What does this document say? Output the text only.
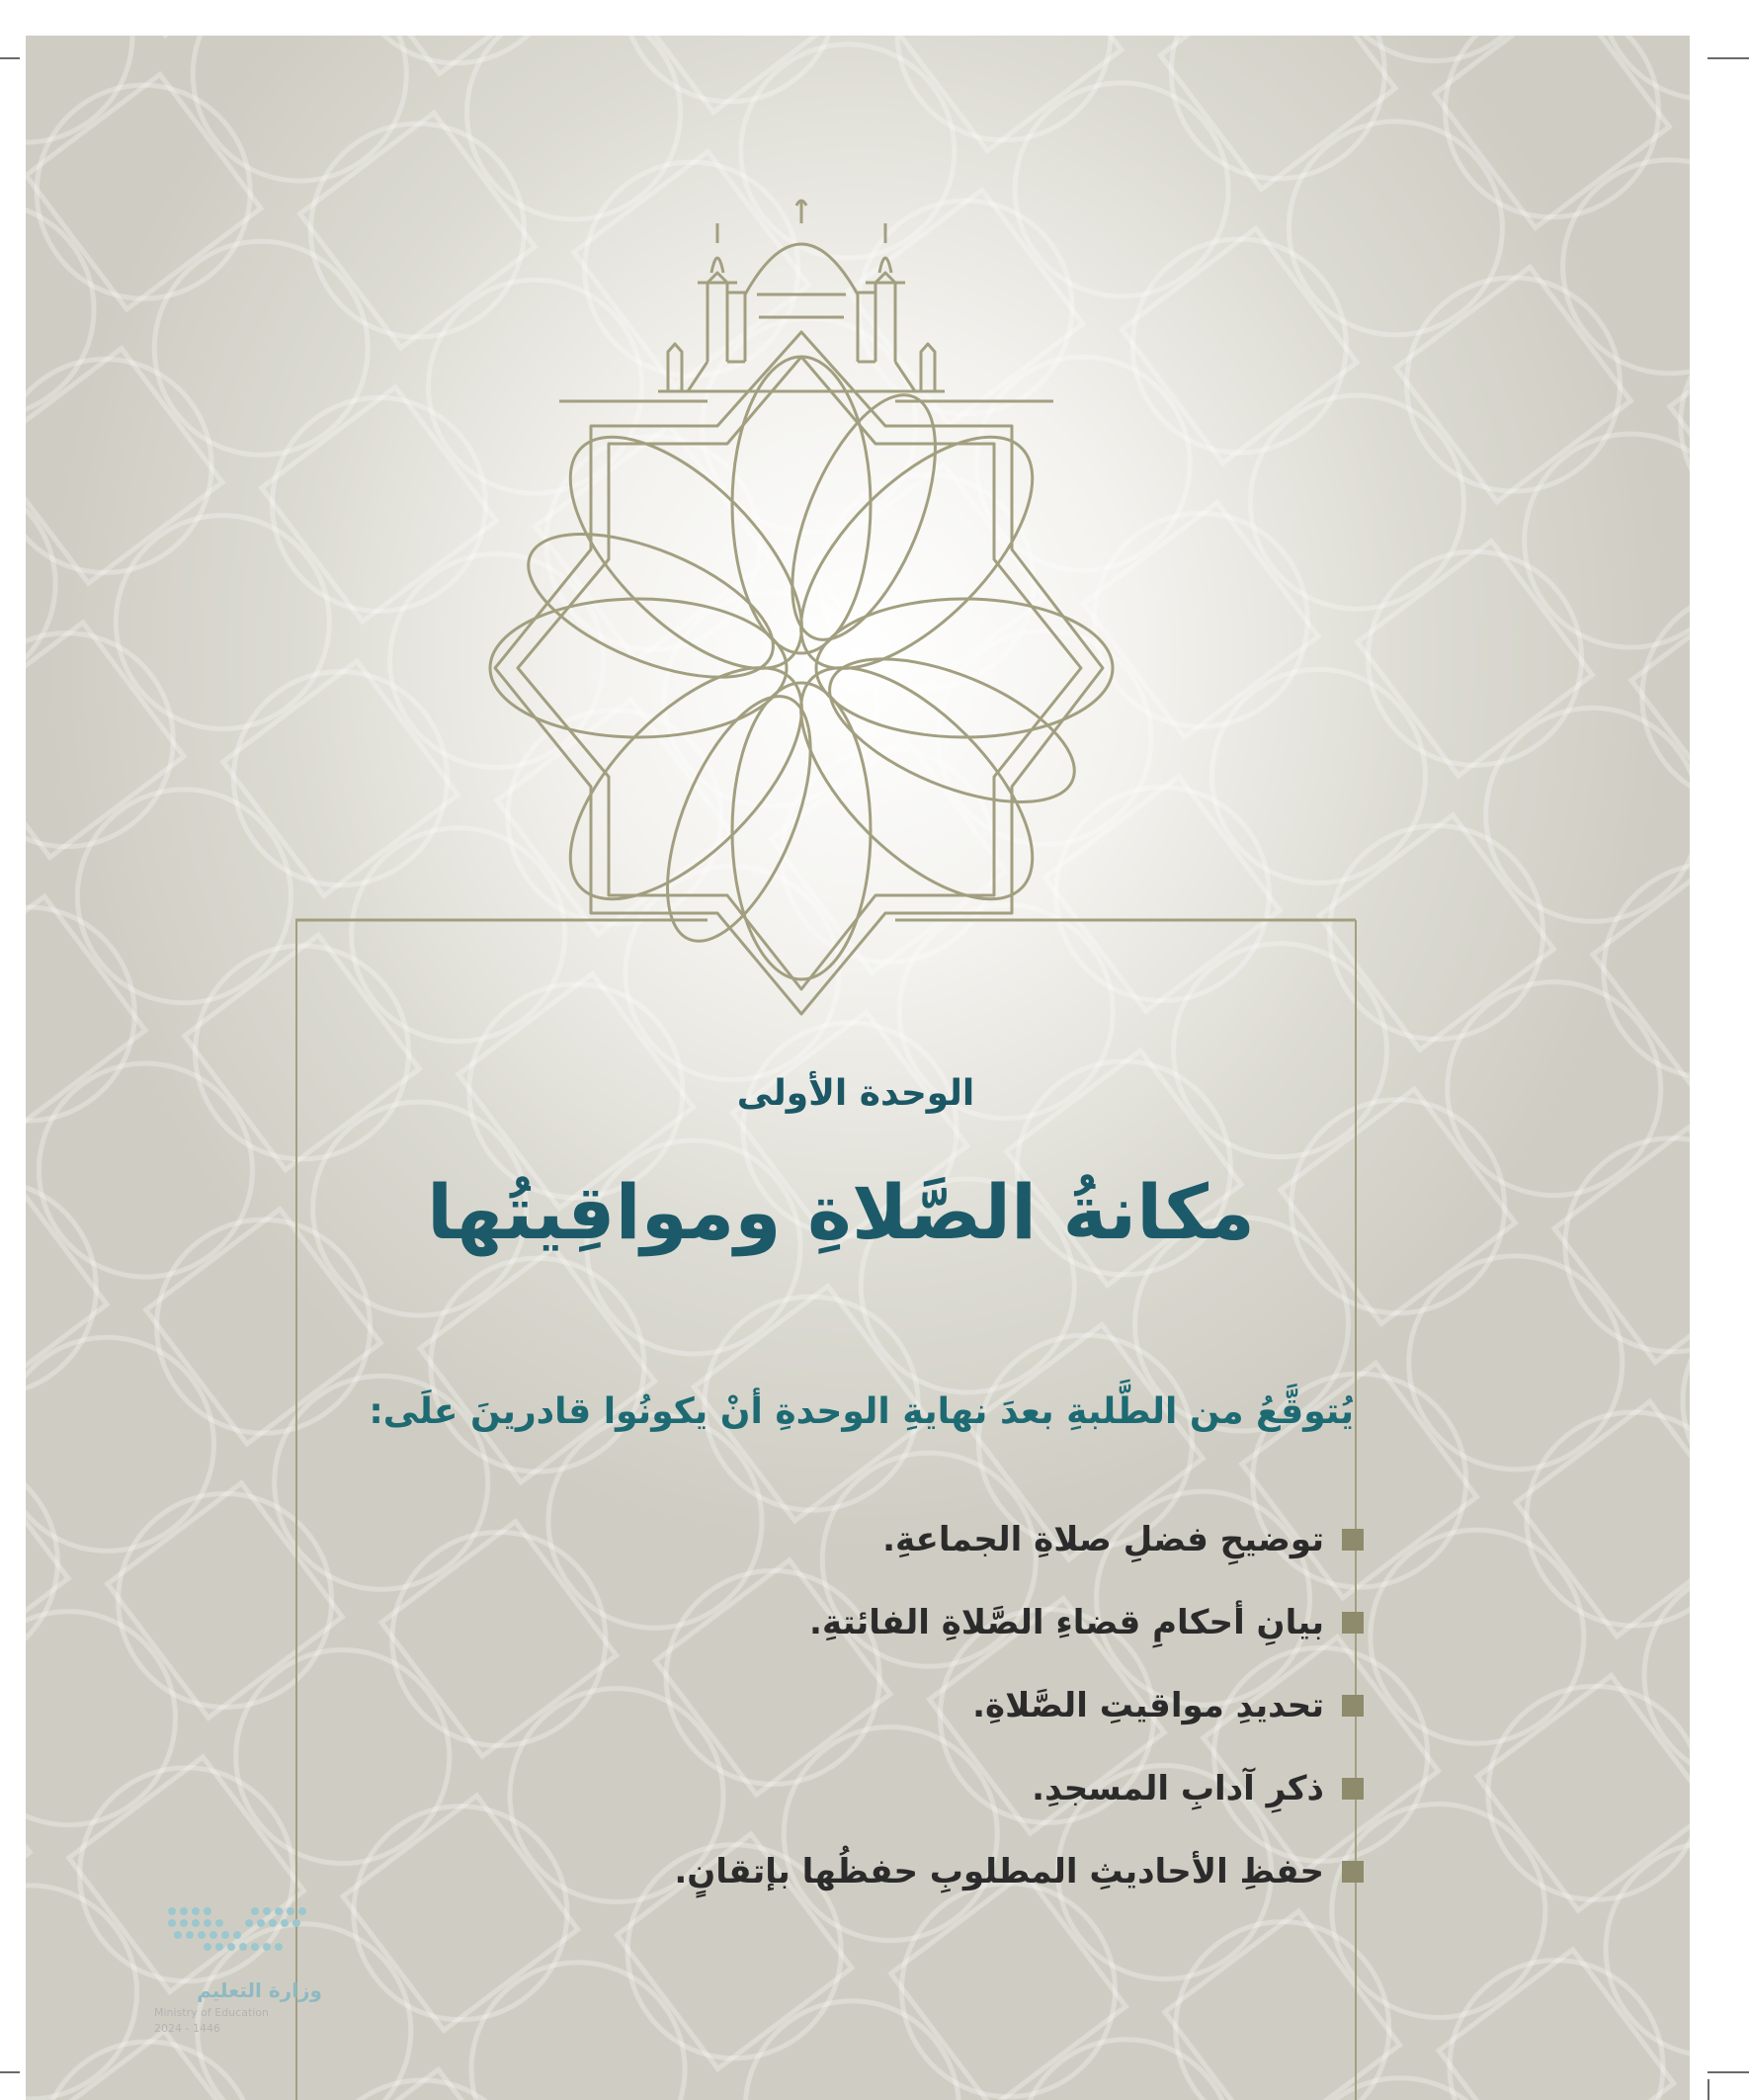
الوحدة الأولى
مكانةُ الصَّلاةِ ومواقِيتُها

يُتوقَّعُ من الطَّلبةِ بعدَ نهايةِ الوحدةِ أنْ يكونُوا قادرينَ علَى:

توضيحِ فضلِ صلاةِ الجماعةِ.
بيانِ أحكامِ قضاءِ الصَّلاةِ الفائتةِ.
تحديدِ مواقيتِ الصَّلاةِ.
ذكرِ آدابِ المسجدِ.
حفظِ الأحاديثِ المطلوبِ حفظُها بإتقانٍ.
وزارة التعليم
Ministry of Education
2024 - 1446
